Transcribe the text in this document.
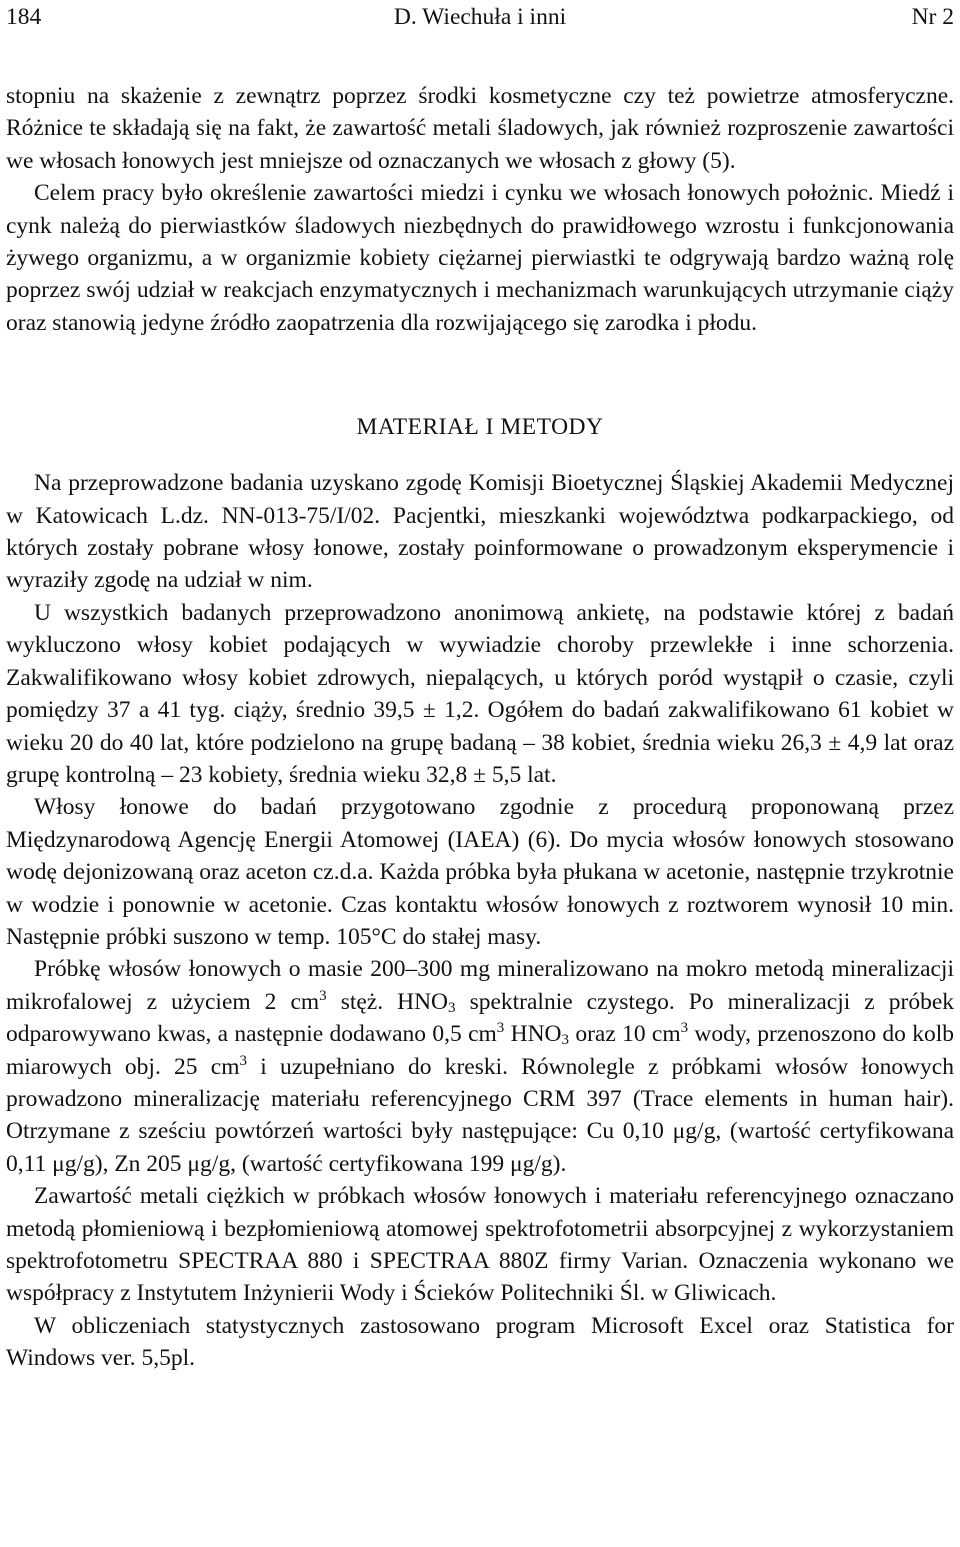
184	D. Wiechuła i inni	Nr 2

stopniu na skażenie z zewnątrz poprzez środki kosmetyczne czy też powietrze atmosferyczne. Różnice te składają się na fakt, że zawartość metali śladowych, jak również rozproszenie zawartości we włosach łonowych jest mniejsze od oznaczanych we włosach z głowy (5).

Celem pracy było określenie zawartości miedzi i cynku we włosach łonowych położnic. Miedź i cynk należą do pierwiastków śladowych niezbędnych do prawidłowego wzrostu i funkcjonowania żywego organizmu, a w organizmie kobiety ciężarnej pierwiastki te odgrywają bardzo ważną rolę poprzez swój udział w reakcjach enzymatycznych i mechanizmach warunkujących utrzymanie ciąży oraz stanowią jedyne źródło zaopatrzenia dla rozwijającego się zarodka i płodu.

MATERIAŁ I METODY

Na przeprowadzone badania uzyskano zgodę Komisji Bioetycznej Śląskiej Akademii Medycznej w Katowicach L.dz. NN-013-75/I/02. Pacjentki, mieszkanki województwa podkarpackiego, od których zostały pobrane włosy łonowe, zostały poinformowane o prowadzonym eksperymencie i wyraziły zgodę na udział w nim.

U wszystkich badanych przeprowadzono anonimową ankietę, na podstawie której z badań wykluczono włosy kobiet podających w wywiadzie choroby przewlekłe i inne schorzenia. Zakwalifikowano włosy kobiet zdrowych, niepalących, u których poród wystąpił o czasie, czyli pomiędzy 37 a 41 tyg. ciąży, średnio 39,5 ± 1,2. Ogółem do badań zakwalifikowano 61 kobiet w wieku 20 do 40 lat, które podzielono na grupę badaną – 38 kobiet, średnia wieku 26,3 ± 4,9 lat oraz grupę kontrolną – 23 kobiety, średnia wieku 32,8 ± 5,5 lat.

Włosy łonowe do badań przygotowano zgodnie z procedurą proponowaną przez Międzynarodową Agencję Energii Atomowej (IAEA) (6). Do mycia włosów łonowych stosowano wodę dejonizowaną oraz aceton cz.d.a. Każda próbka była płukana w acetonie, następnie trzykrotnie w wodzie i ponownie w acetonie. Czas kontaktu włosów łonowych z roztworem wynosił 10 min. Następnie próbki suszono w temp. 105°C do stałej masy.

Próbkę włosów łonowych o masie 200–300 mg mineralizowano na mokro metodą mineralizacji mikrofalowej z użyciem 2 $cm^3$ stęż. HNO3 spektralnie czystego. Po mineralizacji z próbek odparowywano kwas, a następnie dodawano 0,5 $cm^3$ HNO3 oraz 10 $cm^3$ wody, przenoszono do kolb miarowych obj. 25 $cm^3$ i uzupełniano do kreski. Równolegle z próbkami włosów łonowych prowadzono mineralizację materiału referencyjnego CRM 397 (Trace elements in human hair). Otrzymane z sześciu powtórzeń wartości były następujące: Cu 0,10 μg/g, (wartość certyfikowana 0,11 μg/g), Zn 205 μg/g, (wartość certyfikowana 199 μg/g).

Zawartość metali ciężkich w próbkach włosów łonowych i materiału referencyjnego oznaczano metodą płomieniową i bezpłomieniową atomowej spektrofotometrii absorpcyjnej z wykorzystaniem spektrofotometru SPECTRAA 880 i SPECTRAA 880Z firmy Varian. Oznaczenia wykonano we współpracy z Instytutem Inżynierii Wody i Ścieków Politechniki Śl. w Gliwicach.

W obliczeniach statystycznych zastosowano program Microsoft Excel oraz Statistica for Windows ver. 5,5pl.
